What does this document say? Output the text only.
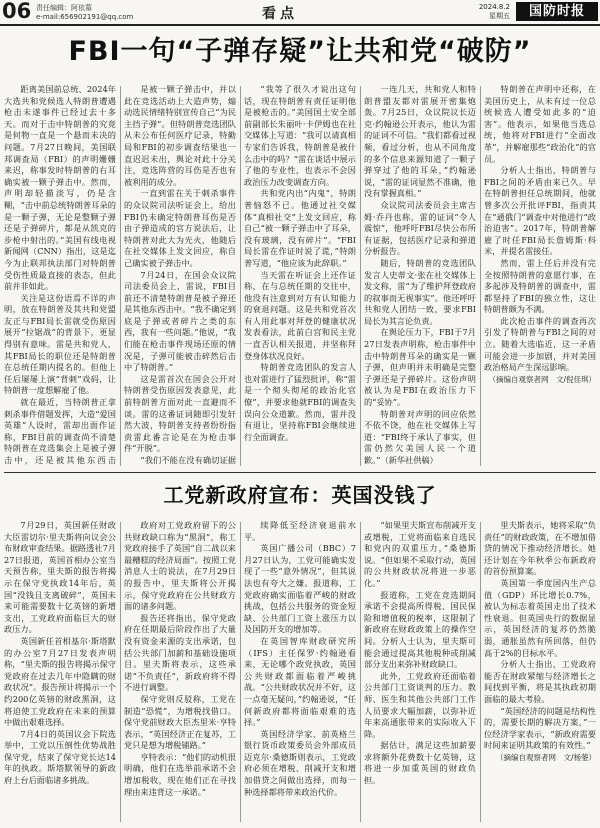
06 责任编辑：阿依慕
e-mail:656902191@qq.com	看点	2024.8.2
星期五	国防时报
FBI一句“子弹存疑”让共和党“破防”

距离美国前总统、2024年大选共和党候选人特朗普遭遇枪击未遂事件已经过去十多天。而对于击中特朗普的究竟是何物一直是一个悬而未决的问题。7月27日晚间，美国联邦调查局（FBI）的声明姗姗来迟，称事发时特朗普的右耳确实被一颗子弹击中。然而，声明却轻描淡写，仍是含糊，“击中前总统特朗普耳朵的是一颗子弹，无论是整颗子弹还是子弹碎片，都是从凯克的步枪中射出的。”美国有线电视新闻网（CNN）指出，这是迄今为止联邦执法部门对特朗普受伤性质最直接的表态，但此前并非如此。

关注是这份语焉不详的声明，放在特朗普及其共和党盟友正与FBI局长雷就受伤原因展开“拉锯战”的背景下，更显得别有意味。雷是共和党人，其FBI局长的职位还是特朗普在总统任期内提名的。但他上任后屡屡上演“背刺”戏码，让特朗普一度想解雇了他。

就在最近，当特朗普正拿刺杀事件借题发挥，大造“爱国英雄”人设时，雷却出面作证称，FBI目前的调查尚不清楚特朗普在竞选集会上是被子弹击中，还是被其他东西击

是被一颗子弹击中，并以此在竞选活动上大造声势，煽动选民情绪特别宣传自己“为民主挡子弹”。但特朗普竞选团队从未公布任何医疗记录，特勤局和FBI的初步调查结果也一直迟迟未出，舆论对此十分关注，竞选阵营的耳伤是否也有被利用的成分。

一直到雷在关于刺杀事件的众议院司法听证会上，给出FBI仍未确定特朗普耳伤是否由子弹造成的官方说法后，让特朗普对此大为光火，他随后在社交媒体上发文回应，称自己确实被子弹击中。

7月24日，在国会众议院司法委员会上，雷说，FBI目前还不清楚特朗普是被子弹还是其他东西击中。“我不确定到底是子弹或者碎片之类的东西，我有一些问题。”他说，“我们能在枪击事件现场还原的情况是，子弹可能被击碎然后击中了特朗普。”

这是雷首次在国会公开对特朗普受伤原因发表意见，此前特朗普方面对此一直避而不谈。雷的这番证词随即引发轩然大波，特朗普支持者纷纷指责雷此番言论是在为枪击事件“开脱”。

“我们不能在没有确切证据

“我等了很久才说出这句话，现在特朗普有责任证明他是被枪击的。”美国国土安全部前副部长朱丽叶·卡伊姆也在社交媒体上写道：“我可以请真相专家们告诉我，特朗普是被什么击中的吗？”雷在谈话中展示了他的专业性，也表示不会因政治压力改变调查方向。

共和党内出“内鬼”，特朗普恼怒不已。他通过社交媒体“真相社交”上发文回应，称自己“被一颗子弹击中了耳朵，没有玻璃，没有碎片”。“FBI局长雷在作证时说了谎，”特朗普写道，“他应该为此辞职。”

当天雷在听证会上还作证称，在与总统任期的交往中，他没有注意到对方有认知能力的衰退问题。这是共和党首次有人用此事对拜登的健康状况发表看法，此前白宫和民主党一直否认相关报道，并坚称拜登身体状况良好。

特朗普竞选团队的发言人也对雷进行了猛烈批评，称“雷是一个彻头彻尾的政治化官僚”，并要求他就FBI的调查失误向公众道歉。然而，雷并没有退让，坚持称FBI会继续进行全面调查。

一连几天，共和党人和特朗普盟友都对雷展开密集炮轰。7月25日，众议院议长迈克·约翰逊公开表示，他认为雷的证词不可信。“我们都看过视频，看过分析，也从不同角度的多个信息来源知道了一颗子弹穿过了他的耳朵，”约翰逊说，“雷的证词显然不准确，他没有掌握真相。”

众议院司法委员会主席吉姆·乔丹也称，雷的证词“令人震惊”，他呼吁FBI尽快公布所有证据，包括医疗记录和弹道分析报告。

随后，特朗普的竞选团队发言人史蒂文·张在社交媒体上发文称，雷“为了维护拜登政府的叙事而无视事实”。他还呼吁共和党人团结一致，要求FBI局长为其言论负责。

在舆论压力下，FBI于7月27日发表声明称，枪击事件中击中特朗普耳朵的确实是一颗子弹，但声明并未明确是完整子弹还是子弹碎片。这份声明被认为是FBI在政治压力下的“妥协”。

特朗普对声明的回应依然不依不饶，他在社交媒体上写道：“FBI终于承认了事实，但雷仍然欠美国人民一个道歉。”（新华社供稿）

特朗普在声明中还称，在美国历史上，从未有过一位总统候选人遭受如此多的“迫害”。他表示，如果他当选总统，他将对FBI进行“全面改革”，并解雇那些“政治化”的官员。

分析人士指出，特朗普与FBI之间的矛盾由来已久。早在特朗普担任总统期间，他就曾多次公开批评FBI，指责其在“通俄门”调查中对他进行“政治迫害”。2017年，特朗普解雇了时任FBI局长詹姆斯·科米，并提名雷接任。

然而，雷上任后并没有完全按照特朗普的意愿行事，在多起涉及特朗普的调查中，雷都坚持了FBI的独立性，这让特朗普颇为不满。

此次枪击事件的调查再次引发了特朗普与FBI之间的对立。随着大选临近，这一矛盾可能会进一步加剧，并对美国政治格局产生深远影响。

（摘编自观察者网　文/倪佳琪）

工党新政府宣布：英国没钱了

7月29日，英国新任财政大臣雷切尔·里夫斯将向议会公布财政审查结果。据路透社7月27日报道，英国首相办公室当天预告称，里夫斯的报告将揭示在保守党执政14年后，英国“没钱且支离破碎”，英国未来可能需要数十亿英镑的新增支出，工党政府面临巨大的财政压力。

英国新任首相基尔·斯塔默的办公室7月27日发表声明称，“里夫斯的报告将揭示保守党政府在过去几年中隐瞒的财政状况”。报告预计将揭示一个约200亿英镑的财政黑洞，这将迫使工党政府在未来的预算中做出艰难选择。

7月4日的英国议会下院选举中，工党以压倒性优势战胜保守党，结束了保守党长达14年的执政。斯塔默领导的新政府上台后面临诸多挑战。

政府对工党政府留下的公共财政缺口称为“黑洞”，称工党政府接手了英国“自二战以来最糟糕的经济局面”。按照工党消息人士的说法，在7月29日的报告中，里夫斯将公开揭示，保守党政府在公共财政方面的诸多问题。

报告还将指出，保守党政府在任期最后阶段作出了大量没有资金来源的支出承诺，包括公共部门加薪和基础设施项目。里夫斯将表示，这些承诺“不负责任”，新政府将不得不进行调整。

保守党则反驳称，工党在制造“恐慌”，为增税找借口。保守党前财政大臣杰里米·亨特表示，“英国经济正在复苏，工党只是想为增税铺路。”

亨特表示：“他们的动机很明确，他们在选举前承诺不会增加税收，现在他们正在寻找理由来违背这一承诺。”

续降低至经济衰退前水平。

英国广播公司（BBC）7月27日认为，工党可能确实发现了一些“意外情况”，但其说法也有夸大之嫌。报道称，工党政府确实面临着严峻的财政挑战，包括公共服务的资金短缺、公共部门工资上涨压力以及国防开支的增加等。

在英国智库财政研究所（IFS）主任保罗·约翰逊看来，无论哪个政党执政，英国公共财政都面临着严峻挑战。“公共财政状况并不好，这一点毫无疑问，”约翰逊说，“任何新政府都将面临艰难的选择。”

英国经济学家、前英格兰银行货币政策委员会外部成员迈克尔·桑德斯则表示，工党政府必须在增税、削减开支和增加借贷之间做出选择，而每一种选择都将带来政治代价。

“如果里夫斯宣布削减开支或增税，工党将面临来自选民和党内的双重压力，”桑德斯说。“但如果不采取行动，英国的公共财政状况将进一步恶化。”

报道称，工党在竞选期间承诺不会提高所得税、国民保险和增值税的税率，这限制了新政府在财政政策上的操作空间。分析人士认为，里夫斯可能会通过提高其他税种或削减部分支出来弥补财政缺口。

此外，工党政府还面临着公共部门工资谈判的压力。教师、医生和其他公共部门工作人员要求大幅加薪，以弥补近年来高通胀带来的实际收入下降。

据估计，满足这些加薪要求将额外花费数十亿英镑，这将进一步加重英国的财政负担。

里夫斯表示，她将采取“负责任”的财政政策，在不增加借贷的情况下推动经济增长。她还计划在今年秋季公布新政府的首份预算案。

英国第一季度国内生产总值（GDP）环比增长0.7%，被认为标志着英国走出了技术性衰退。但英国央行的数据显示，英国经济的复苏仍然脆弱，通胀虽然有所回落，但仍高于2%的目标水平。

分析人士指出，工党政府能否在财政紧缩与经济增长之间找到平衡，将是其执政初期面临的最大考验。

“英国经济的问题是结构性的，需要长期的解决方案，”一位经济学家表示，“新政府需要时间来证明其政策的有效性。”

（摘编自观察者网　文/杨蓥）
